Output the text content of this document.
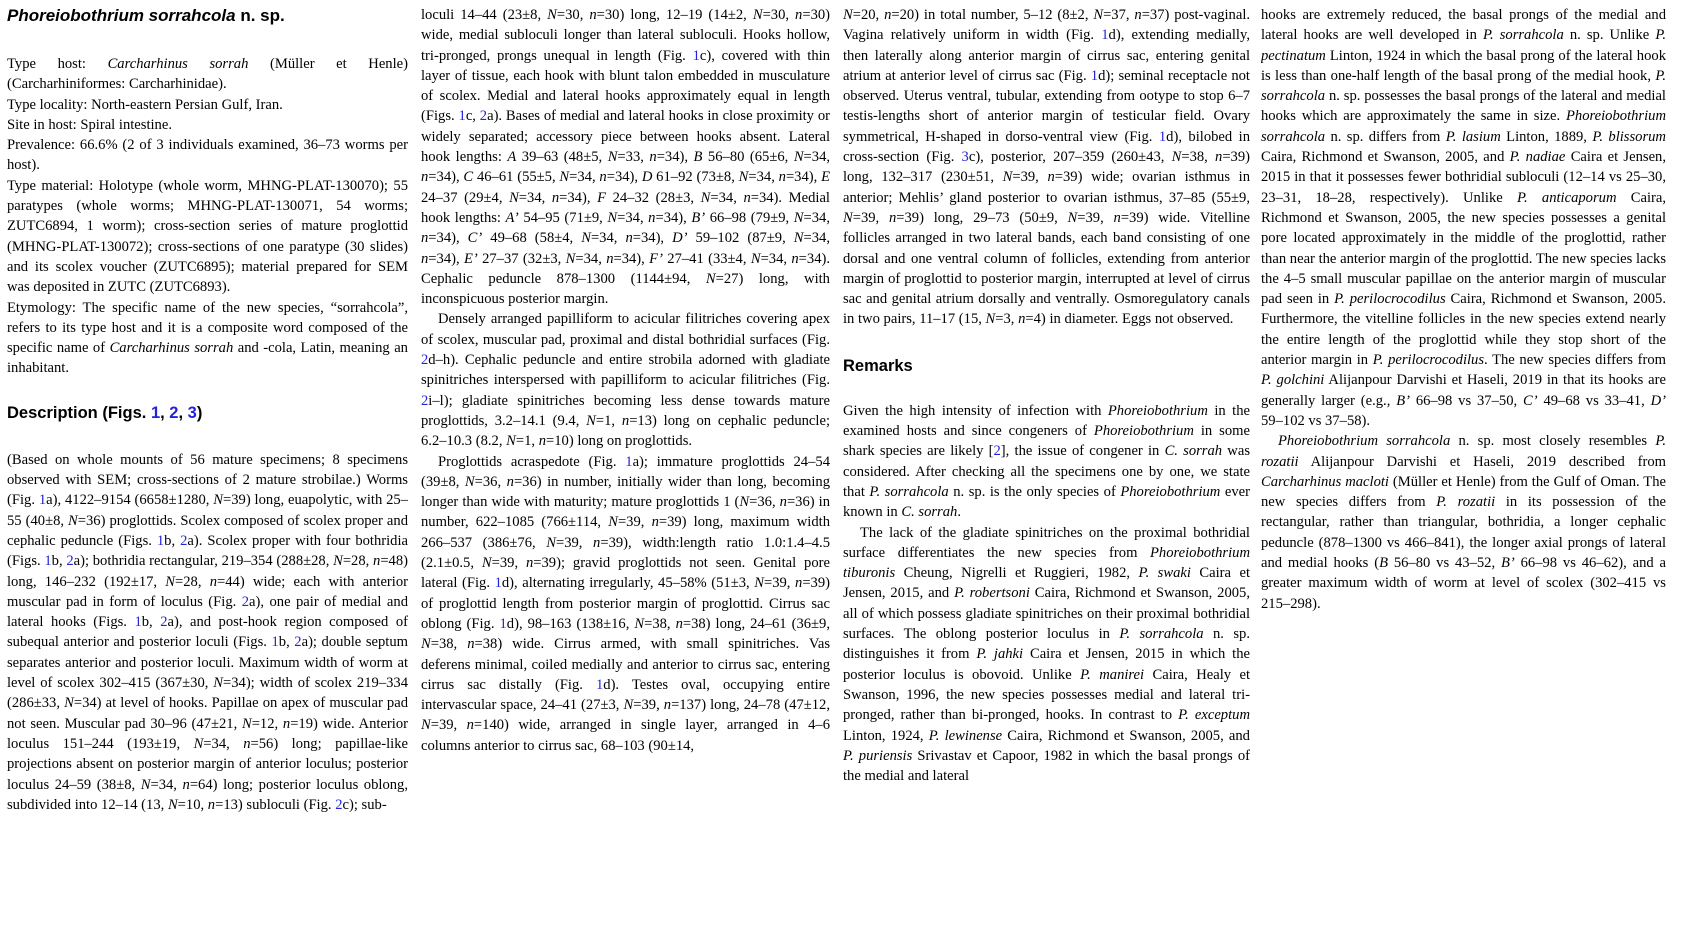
Phoreiobothrium sorrahcola n. sp.
Type host: Carcharhinus sorrah (Müller et Henle) (Carcharhiniformes: Carcharhinidae).
Type locality: North-eastern Persian Gulf, Iran.
Site in host: Spiral intestine.
Prevalence: 66.6% (2 of 3 individuals examined, 36–73 worms per host).
Type material: Holotype (whole worm, MHNG-PLAT-130070); 55 paratypes (whole worms; MHNG-PLAT-130071, 54 worms; ZUTC6894, 1 worm); cross-section series of mature proglottid (MHNG-PLAT-130072); cross-sections of one paratype (30 slides) and its scolex voucher (ZUTC6895); material prepared for SEM was deposited in ZUTC (ZUTC6893).
Etymology: The specific name of the new species, “sorrahcola”, refers to its type host and it is a composite word composed of the specific name of Carcharhinus sorrah and -cola, Latin, meaning an inhabitant.
Description (Figs. 1, 2, 3)
(Based on whole mounts of 56 mature specimens; 8 specimens observed with SEM; cross-sections of 2 mature strobilae.) Worms (Fig. 1a), 4122–9154 (6658±1280, N=39) long, euapolytic, with 25–55 (40±8, N=36) proglottids. Scolex composed of scolex proper and cephalic peduncle (Figs. 1b, 2a). Scolex proper with four bothridia (Figs. 1b, 2a); bothridia rectangular, 219–354 (288±28, N=28, n=48) long, 146–232 (192±17, N=28, n=44) wide; each with anterior muscular pad in form of loculus (Fig. 2a), one pair of medial and lateral hooks (Figs. 1b, 2a), and post-hook region composed of subequal anterior and posterior loculi (Figs. 1b, 2a); double septum separates anterior and posterior loculi. Maximum width of worm at level of scolex 302–415 (367±30, N=34); width of scolex 219–334 (286±33, N=34) at level of hooks. Papillae on apex of muscular pad not seen. Muscular pad 30–96 (47±21, N=12, n=19) wide. Anterior loculus 151–244 (193±19, N=34, n=56) long; papillae-like projections absent on posterior margin of anterior loculus; posterior loculus 24–59 (38±8, N=34, n=64) long; posterior loculus oblong, subdivided into 12–14 (13, N=10, n=13) subloculi (Fig. 2c); sub-
loculi 14–44 (23±8, N=30, n=30) long, 12–19 (14±2, N=30, n=30) wide, medial subloculi longer than lateral subloculi. Hooks hollow, tri-pronged, prongs unequal in length (Fig. 1c), covered with thin layer of tissue, each hook with blunt talon embedded in musculature of scolex. Medial and lateral hooks approximately equal in length (Figs. 1c, 2a). Bases of medial and lateral hooks in close proximity or widely separated; accessory piece between hooks absent. Lateral hook lengths: A 39–63 (48±5, N=33, n=34), B 56–80 (65±6, N=34, n=34), C 46–61 (55±5, N=34, n=34), D 61–92 (73±8, N=34, n=34), E 24–37 (29±4, N=34, n=34), F 24–32 (28±3, N=34, n=34). Medial hook lengths: A’ 54–95 (71±9, N=34, n=34), B’ 66–98 (79±9, N=34, n=34), C’ 49–68 (58±4, N=34, n=34), D’ 59–102 (87±9, N=34, n=34), E’ 27–37 (32±3, N=34, n=34), F’ 27–41 (33±4, N=34, n=34). Cephalic peduncle 878–1300 (1144±94, N=27) long, with inconspicuous posterior margin.
Densely arranged papilliform to acicular filitriches covering apex of scolex, muscular pad, proximal and distal bothridial surfaces (Fig. 2d–h). Cephalic peduncle and entire strobila adorned with gladiate spinitriches interspersed with papilliform to acicular filitriches (Fig. 2i–l); gladiate spinitriches becoming less dense towards mature proglottids, 3.2–14.1 (9.4, N=1, n=13) long on cephalic peduncle; 6.2–10.3 (8.2, N=1, n=10) long on proglottids.
Proglottids acraspedote (Fig. 1a); immature proglottids 24–54 (39±8, N=36, n=36) in number, initially wider than long, becoming longer than wide with maturity; mature proglottids 1 (N=36, n=36) in number, 622–1085 (766±114, N=39, n=39) long, maximum width 266–537 (386±76, N=39, n=39), width:length ratio 1.0:1.4–4.5 (2.1±0.5, N=39, n=39); gravid proglottids not seen. Genital pore lateral (Fig. 1d), alternating irregularly, 45–58% (51±3, N=39, n=39) of proglottid length from posterior margin of proglottid. Cirrus sac oblong (Fig. 1d), 98–163 (138±16, N=38, n=38) long, 24–61 (36±9, N=38, n=38) wide. Cirrus armed, with small spinitriches. Vas deferens minimal, coiled medially and anterior to cirrus sac, entering cirrus sac distally (Fig. 1d). Testes oval, occupying entire intervascular space, 24–41 (27±3, N=39, n=137) long, 24–78 (47±12, N=39, n=140) wide, arranged in single layer, arranged in 4–6 columns anterior to cirrus sac, 68–103 (90±14,
N=20, n=20) in total number, 5–12 (8±2, N=37, n=37) post-vaginal. Vagina relatively uniform in width (Fig. 1d), extending medially, then laterally along anterior margin of cirrus sac, entering genital atrium at anterior level of cirrus sac (Fig. 1d); seminal receptacle not observed. Uterus ventral, tubular, extending from ootype to stop 6–7 testis-lengths short of anterior margin of testicular field. Ovary symmetrical, H-shaped in dorso-ventral view (Fig. 1d), bilobed in cross-section (Fig. 3c), posterior, 207–359 (260±43, N=38, n=39) long, 132–317 (230±51, N=39, n=39) wide; ovarian isthmus in anterior; Mehlis’ gland posterior to ovarian isthmus, 37–85 (55±9, N=39, n=39) long, 29–73 (50±9, N=39, n=39) wide. Vitelline follicles arranged in two lateral bands, each band consisting of one dorsal and one ventral column of follicles, extending from anterior margin of proglottid to posterior margin, interrupted at level of cirrus sac and genital atrium dorsally and ventrally. Osmoregulatory canals in two pairs, 11–17 (15, N=3, n=4) in diameter. Eggs not observed.
Remarks
Given the high intensity of infection with Phoreiobothrium in the examined hosts and since congeners of Phoreiobothrium in some shark species are likely [2], the issue of congener in C. sorrah was considered. After checking all the specimens one by one, we state that P. sorrahcola n. sp. is the only species of Phoreiobothrium ever known in C. sorrah.
The lack of the gladiate spinitriches on the proximal bothridial surface differentiates the new species from Phoreiobothrium tiburonis Cheung, Nigrelli et Ruggieri, 1982, P. swaki Caira et Jensen, 2015, and P. robertsoni Caira, Richmond et Swanson, 2005, all of which possess gladiate spinitriches on their proximal bothridial surfaces. The oblong posterior loculus in P. sorrahcola n. sp. distinguishes it from P. jahki Caira et Jensen, 2015 in which the posterior loculus is obovoid. Unlike P. manirei Caira, Healy et Swanson, 1996, the new species possesses medial and lateral tri-pronged, rather than bi-pronged, hooks. In contrast to P. exceptum Linton, 1924, P. lewinense Caira, Richmond et Swanson, 2005, and P. puriensis Srivastav et Capoor, 1982 in which the basal prongs of the medial and lateral
hooks are extremely reduced, the basal prongs of the medial and lateral hooks are well developed in P. sorrahcola n. sp. Unlike P. pectinatum Linton, 1924 in which the basal prong of the lateral hook is less than one-half length of the basal prong of the medial hook, P. sorrahcola n. sp. possesses the basal prongs of the lateral and medial hooks which are approximately the same in size. Phoreiobothrium sorrahcola n. sp. differs from P. lasium Linton, 1889, P. blissorum Caira, Richmond et Swanson, 2005, and P. nadiae Caira et Jensen, 2015 in that it possesses fewer bothridial subloculi (12–14 vs 25–30, 23–31, 18–28, respectively). Unlike P. anticaporum Caira, Richmond et Swanson, 2005, the new species possesses a genital pore located approximately in the middle of the proglottid, rather than near the anterior margin of the proglottid. The new species lacks the 4–5 small muscular papillae on the anterior margin of muscular pad seen in P. perilocrocodilus Caira, Richmond et Swanson, 2005. Furthermore, the vitelline follicles in the new species extend nearly the entire length of the proglottid while they stop short of the anterior margin in P. perilocrocodilus. The new species differs from P. golchini Alijanpour Darvishi et Haseli, 2019 in that its hooks are generally larger (e.g., B’ 66–98 vs 37–50, C’ 49–68 vs 33–41, D’ 59–102 vs 37–58).
Phoreiobothrium sorrahcola n. sp. most closely resembles P. rozatii Alijanpour Darvishi et Haseli, 2019 described from Carcharhinus macloti (Müller et Henle) from the Gulf of Oman. The new species differs from P. rozatii in its possession of the rectangular, rather than triangular, bothridia, a longer cephalic peduncle (878–1300 vs 466–841), the longer axial prongs of lateral and medial hooks (B 56–80 vs 43–52, B’ 66–98 vs 46–62), and a greater maximum width of worm at level of scolex (302–415 vs 215–298).
